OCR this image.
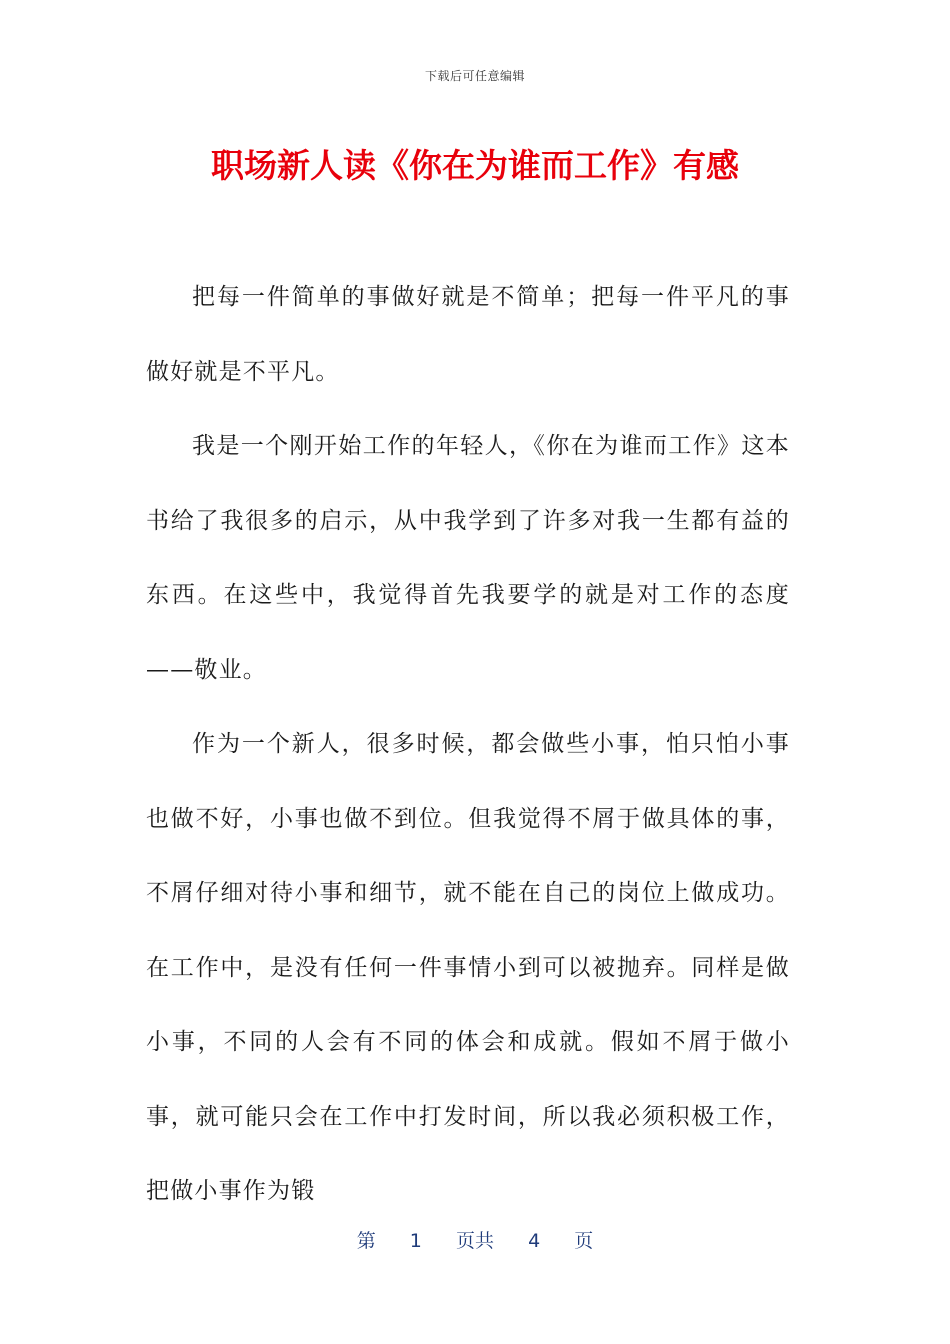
下载后可任意编辑
职场新人读《你在为谁而工作》有感

把每一件简单的事做好就是不简单；把每一件平凡的事做好就是不平凡。

我是一个刚开始工作的年轻人，《你在为谁而工作》这本书给了我很多的启示，从中我学到了许多对我一生都有益的东西。在这些中，我觉得首先我要学的就是对工作的态度——敬业。

作为一个新人，很多时候，都会做些小事，怕只怕小事也做不好，小事也做不到位。但我觉得不屑于做具体的事，不屑仔细对待小事和细节，就不能在自己的岗位上做成功。在工作中，是没有任何一件事情小到可以被抛弃。同样是做小事，不同的人会有不同的体会和成就。假如不屑于做小事，就可能只会在工作中打发时间，所以我必须积极工作，把做小事作为锻

第 1 页共 4 页
